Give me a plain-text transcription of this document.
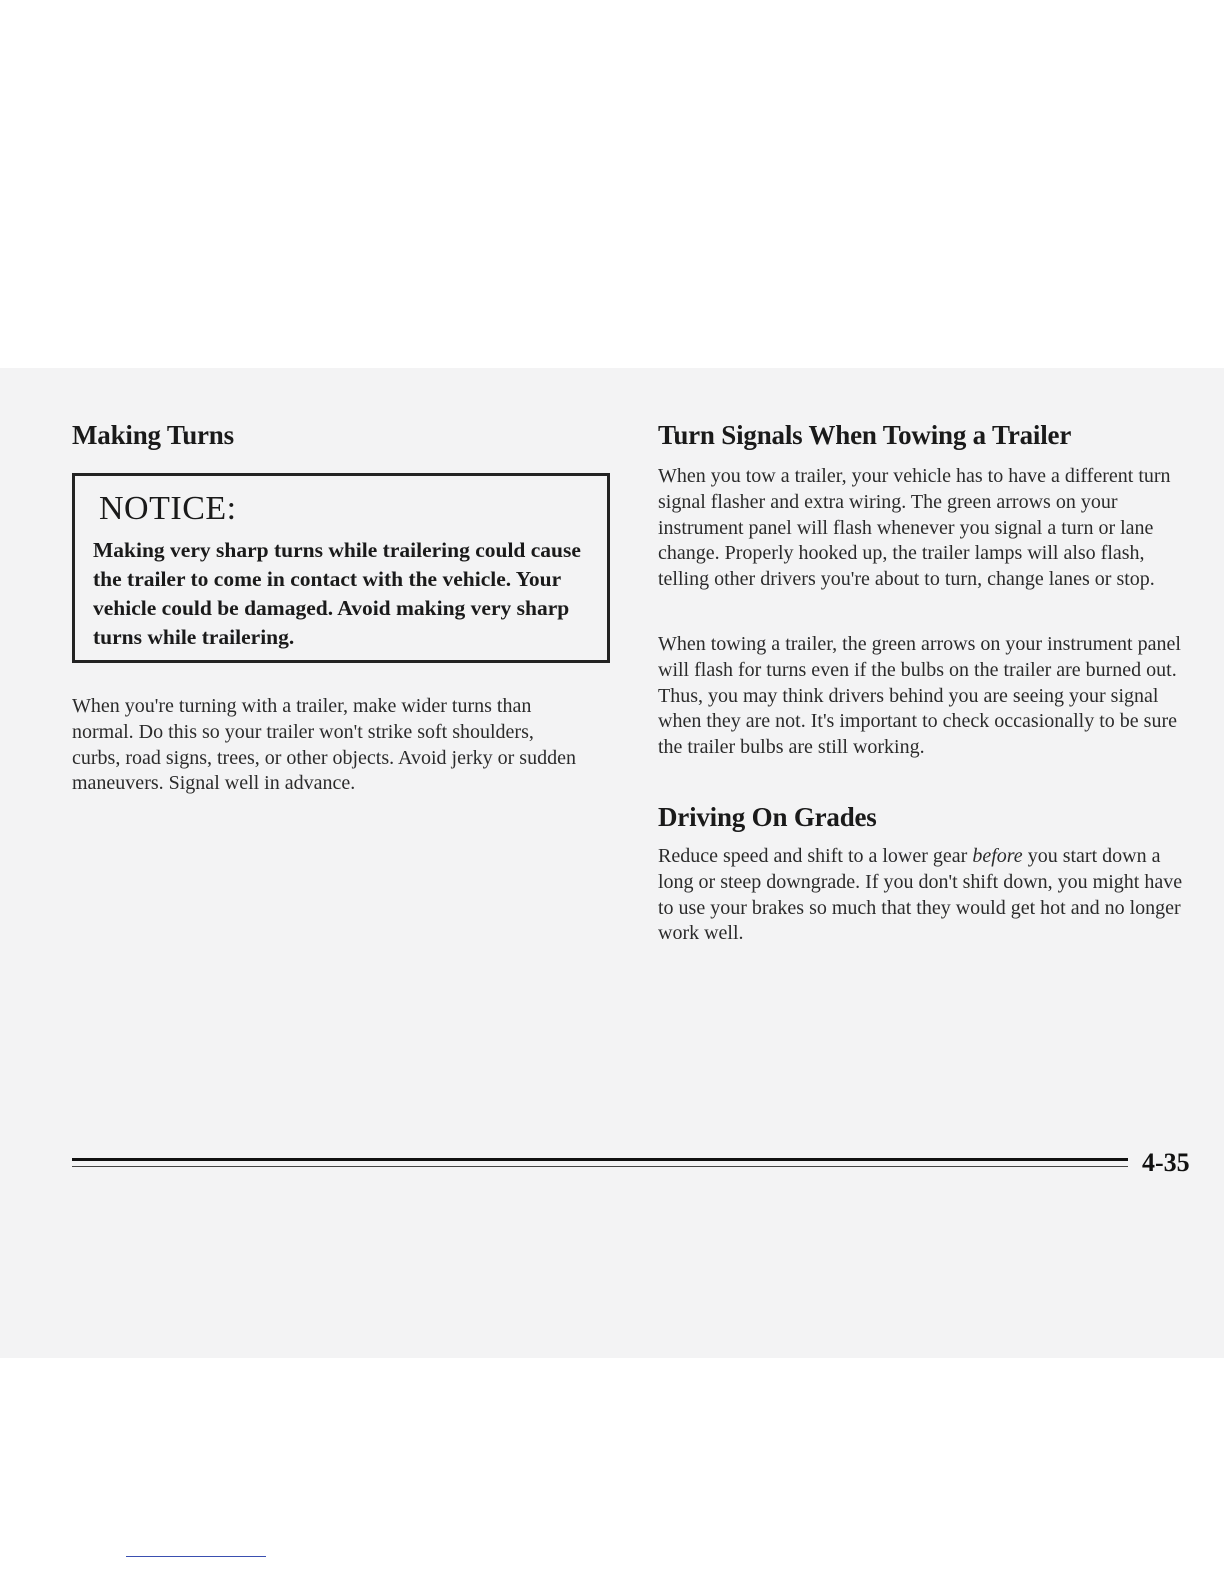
Making Turns
NOTICE:

Making very sharp turns while trailering could cause the trailer to come in contact with the vehicle. Your vehicle could be damaged. Avoid making very sharp turns while trailering.

When you're turning with a trailer, make wider turns than normal. Do this so your trailer won't strike soft shoulders, curbs, road signs, trees, or other objects. Avoid jerky or sudden maneuvers. Signal well in advance.

Turn Signals When Towing a Trailer

When you tow a trailer, your vehicle has to have a different turn signal flasher and extra wiring. The green arrows on your instrument panel will flash whenever you signal a turn or lane change. Properly hooked up, the trailer lamps will also flash, telling other drivers you're about to turn, change lanes or stop.

When towing a trailer, the green arrows on your instrument panel will flash for turns even if the bulbs on the trailer are burned out. Thus, you may think drivers behind you are seeing your signal when they are not. It's important to check occasionally to be sure the trailer bulbs are still working.

Driving On Grades

Reduce speed and shift to a lower gear before you start down a long or steep downgrade. If you don't shift down, you might have to use your brakes so much that they would get hot and no longer work well.

4-35
